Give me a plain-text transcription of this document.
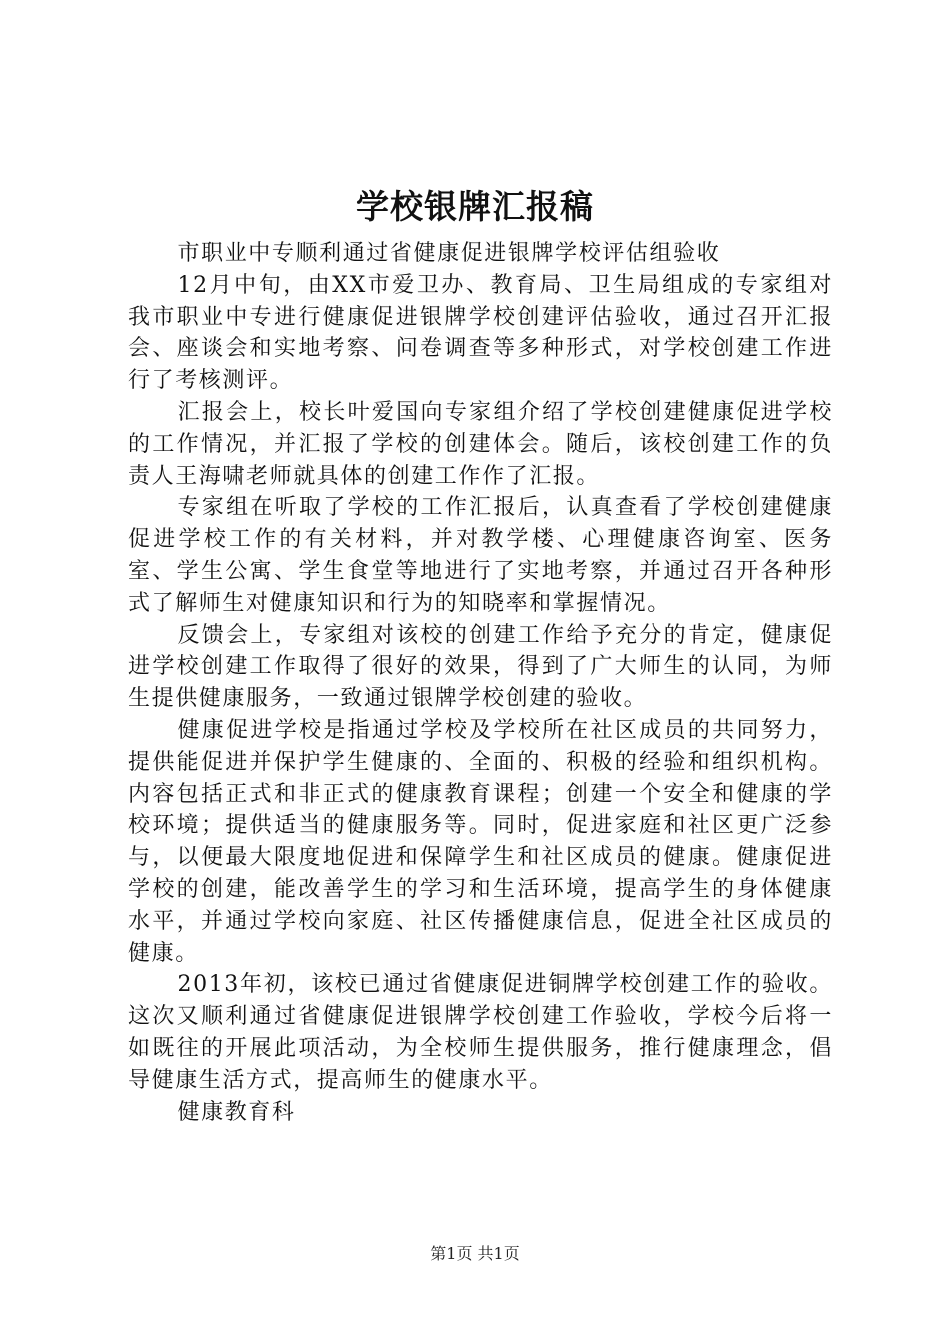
学校银牌汇报稿

市职业中专顺利通过省健康促进银牌学校评估组验收

12月中旬，由XX市爱卫办、教育局、卫生局组成的专家组对我市职业中专进行健康促进银牌学校创建评估验收，通过召开汇报会、座谈会和实地考察、问卷调查等多种形式，对学校创建工作进行了考核测评。

汇报会上，校长叶爱国向专家组介绍了学校创建健康促进学校的工作情况，并汇报了学校的创建体会。随后，该校创建工作的负责人王海啸老师就具体的创建工作作了汇报。

专家组在听取了学校的工作汇报后，认真查看了学校创建健康促进学校工作的有关材料，并对教学楼、心理健康咨询室、医务室、学生公寓、学生食堂等地进行了实地考察，并通过召开各种形式了解师生对健康知识和行为的知晓率和掌握情况。

反馈会上，专家组对该校的创建工作给予充分的肯定，健康促进学校创建工作取得了很好的效果，得到了广大师生的认同，为师生提供健康服务，一致通过银牌学校创建的验收。

健康促进学校是指通过学校及学校所在社区成员的共同努力，提供能促进并保护学生健康的、全面的、积极的经验和组织机构。内容包括正式和非正式的健康教育课程；创建一个安全和健康的学校环境；提供适当的健康服务等。同时，促进家庭和社区更广泛参与，以便最大限度地促进和保障学生和社区成员的健康。健康促进学校的创建，能改善学生的学习和生活环境，提高学生的身体健康水平，并通过学校向家庭、社区传播健康信息，促进全社区成员的健康。

2013年初，该校已通过省健康促进铜牌学校创建工作的验收。这次又顺利通过省健康促进银牌学校创建工作验收，学校今后将一如既往的开展此项活动，为全校师生提供服务，推行健康理念，倡导健康生活方式，提高师生的健康水平。

健康教育科

第1页 共1页
